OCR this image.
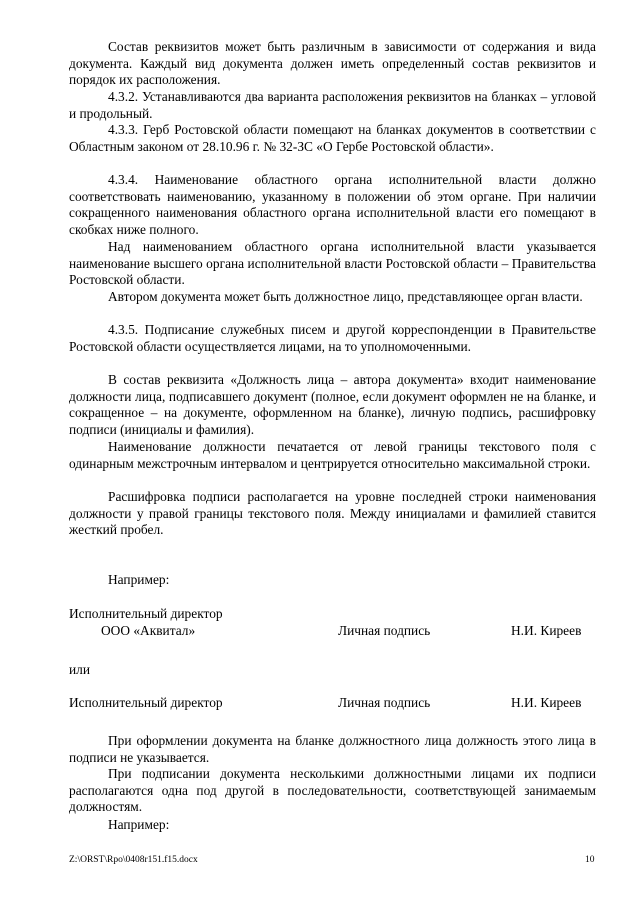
Состав реквизитов может быть различным в зависимости от содержания и вида документа. Каждый вид документа должен иметь определенный состав реквизитов и порядок их расположения.

4.3.2. Устанавливаются два варианта расположения реквизитов на бланках – угловой и продольный.

4.3.3. Герб Ростовской области помещают на бланках документов в соответствии с Областным законом от 28.10.96 г. № 32-ЗС «О Гербе Ростовской области».

4.3.4. Наименование областного органа исполнительной власти должно соответствовать наименованию, указанному в положении об этом органе. При наличии сокращенного наименования областного органа исполнительной власти его помещают в скобках ниже полного.

Над наименованием областного органа исполнительной власти указывается наименование высшего органа исполнительной власти Ростовской области – Правительства Ростовской области.

Автором документа может быть должностное лицо, представляющее орган власти.

4.3.5. Подписание служебных писем и другой корреспонденции в Правительстве Ростовской области осуществляется лицами, на то уполномоченными.

В состав реквизита «Должность лица – автора документа» входит наименование должности лица, подписавшего документ (полное, если документ оформлен не на бланке, и сокращенное – на документе, оформленном на бланке), личную подпись, расшифровку подписи (инициалы и фамилия).

Наименование должности печатается от левой границы текстового поля с одинарным межстрочным интервалом и центрируется относительно максимальной строки.

Расшифровка подписи располагается на уровне последней строки наименования должности у правой границы текстового поля. Между инициалами и фамилией ставится жесткий пробел.

Например:

Исполнительный директор

ООО «Аквитал»	Личная подпись	Н.И. Киреев

или

Исполнительный директор	Личная подпись	Н.И. Киреев

При оформлении документа на бланке должностного лица должность этого лица в подписи не указывается.

При подписании документа несколькими должностными лицами их подписи располагаются одна под другой в последовательности, соответствующей занимаемым должностям.

Например:

Z:\ORST\Rpo\0408r151.f15.docx	10
